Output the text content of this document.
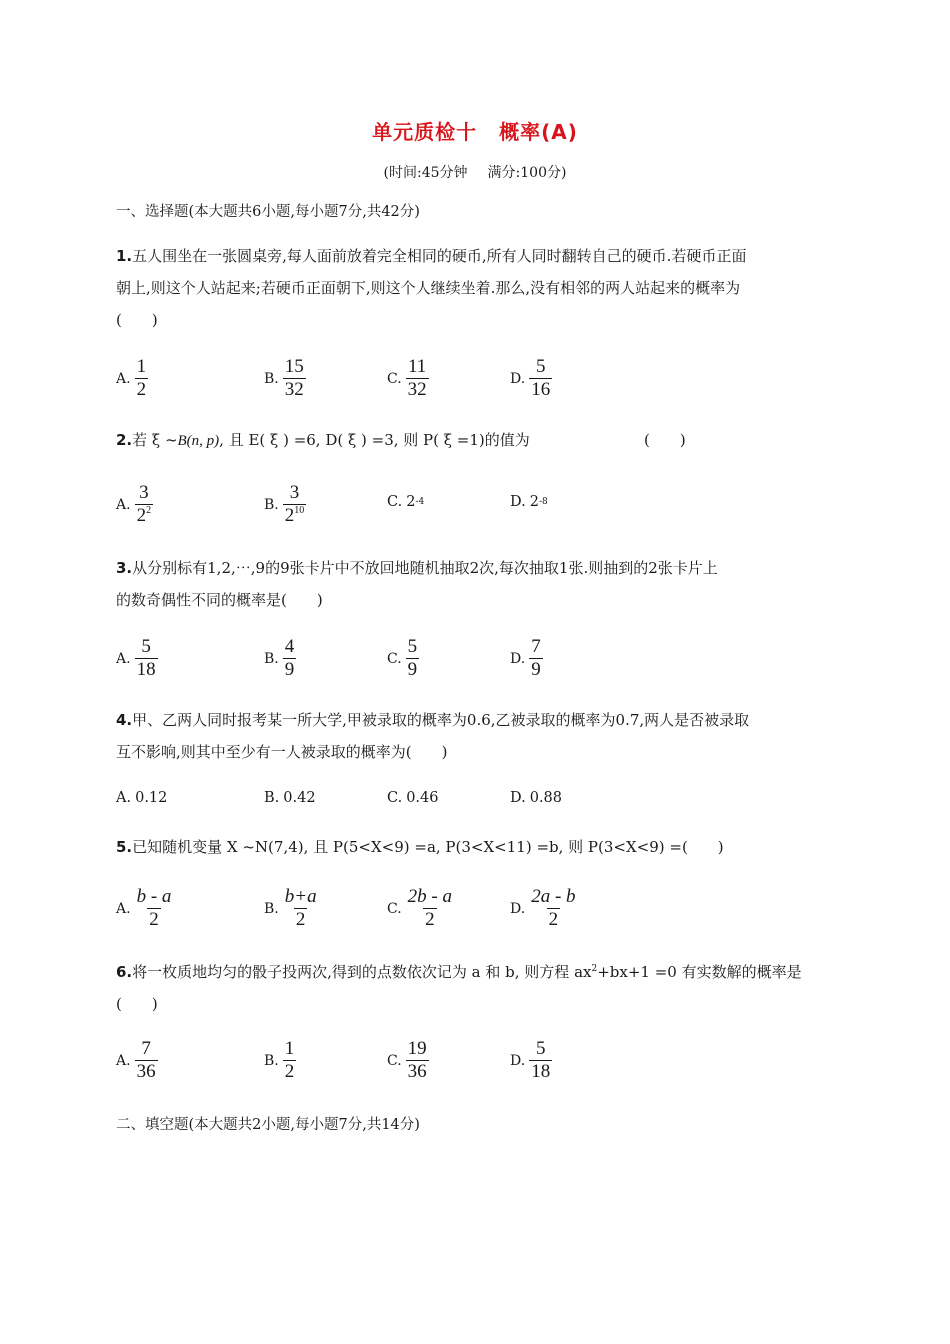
单元质检十 概率(A)
(时间:45分钟 满分:100分)
一、选择题(本大题共6小题,每小题7分,共42分)
1.五人围坐在一张圆桌旁,每人面前放着完全相同的硬币,所有人同时翻转自己的硬币.若硬币正面
朝上,则这个人站起来;若硬币正面朝下,则这个人继续坐着.那么,没有相邻的两人站起来的概率为
(　　)
A. $\frac{1}{2}$	B. $\frac{15}{32}$	C. $\frac{11}{32}$	D. $\frac{5}{16}$
2.若 ξ ~B(n, p), 且 E( ξ ) =6, D( ξ ) =3, 则 P( ξ =1)的值为	(　　)
A. $\frac{3}{2^2}$	B. $\frac{3}{2^{10}}$	C. 2 -4	D. 2 -8
3.从分别标有1,2,⋯,9的9张卡片中不放回地随机抽取2次,每次抽取1张.则抽到的2张卡片上
的数奇偶性不同的概率是(　　)
A. $\frac{5}{18}$	B. $\frac{4}{9}$	C. $\frac{5}{9}$	D. $\frac{7}{9}$
4.甲、乙两人同时报考某一所大学,甲被录取的概率为0.6,乙被录取的概率为0.7,两人是否被录取
互不影响,则其中至少有一人被录取的概率为(　　)
A. 0.12	B. 0.42	C. 0.46	D. 0.88
5.已知随机变量 X ~N(7,4), 且 P(5<X<9) =a, P(3<X<11) =b, 则 P(3<X<9) =(　　)
A. $\frac{b - a}{2}$	B. $\frac{b+a}{2}$	C. $\frac{2b - a}{2}$	D. $\frac{2a - b}{2}$
6.将一枚质地均匀的骰子投两次,得到的点数依次记为 a 和 b, 则方程 $ax^2+bx+1 =0$ 有实数解的概率是
(　　)
A. $\frac{7}{36}$	B. $\frac{1}{2}$	C. $\frac{19}{36}$	D. $\frac{5}{18}$
二、填空题(本大题共2小题,每小题7分,共14分)
